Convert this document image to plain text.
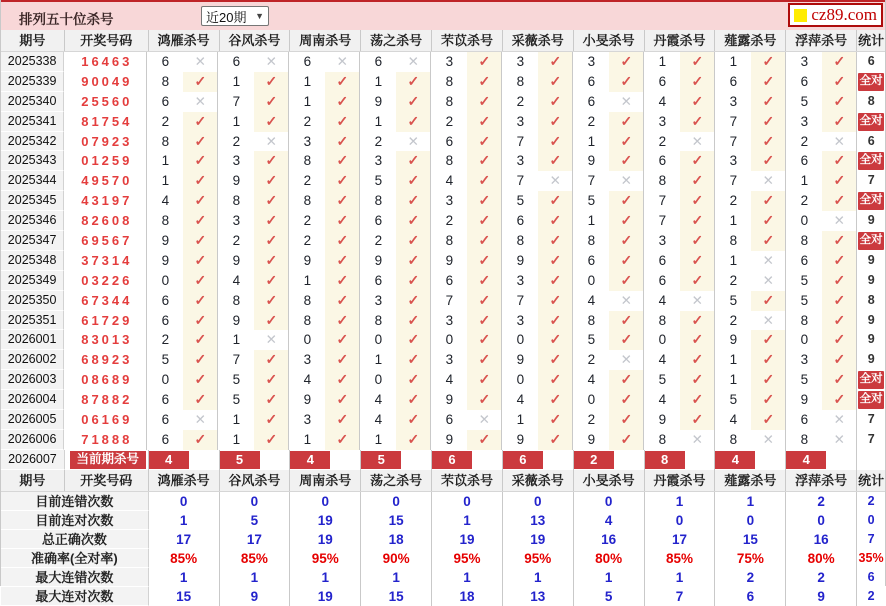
排列五十位杀号	近20期 ▼	cz89.com
期号	开奖号码	鸿雁杀号	谷风杀号	周南杀号	荡之杀号	芣苡杀号	采薇杀号	小旻杀号	丹霞杀号	薤露杀号	浮萍杀号 统计
2025338	16463	6	✕	6	✕	6	✕	6	✕	3	✓	3	✓	3	✓	1	✓	1	✓	3	✓	6
2025339	90049	8	✓	1	✓	1	✓	1	✓	8	✓	8	✓	6	✓	6	✓	6	✓	6	✓	全对
2025340	25560	6	✕	7	✓	1	✓	9	✓	8	✓	2	✓	6	✕	4	✓	3	✓	5	✓	8
2025341	81754	2	✓	1	✓	2	✓	1	✓	2	✓	3	✓	2	✓	3	✓	7	✓	3	✓	全对
2025342	07923	8	✓	2	✕	3	✓	2	✕	6	✓	7	✓	1	✓	2	✕	7	✓	2	✕	6
2025343	01259	1	✓	3	✓	8	✓	3	✓	8	✓	3	✓	9	✓	6	✓	3	✓	6	✓	全对
2025344	49570	1	✓	9	✓	2	✓	5	✓	4	✓	7	✕	7	✕	8	✓	7	✕	1	✓	7
2025345	43197	4	✓	8	✓	8	✓	8	✓	3	✓	5	✓	5	✓	7	✓	2	✓	2	✓	全对
2025346	82608	8	✓	3	✓	2	✓	6	✓	2	✓	6	✓	1	✓	7	✓	1	✓	0	✕	9
2025347	69567	9	✓	2	✓	2	✓	2	✓	8	✓	8	✓	8	✓	3	✓	8	✓	8	✓	全对
2025348	37314	9	✓	9	✓	9	✓	9	✓	9	✓	9	✓	6	✓	6	✓	1	✕	6	✓	9
2025349	03226	0	✓	4	✓	1	✓	6	✓	6	✓	3	✓	0	✓	6	✓	2	✕	5	✓	9
2025350	67344	6	✓	8	✓	8	✓	3	✓	7	✓	7	✓	4	✕	4	✕	5	✓	5	✓	8
2025351	61729	6	✓	9	✓	8	✓	8	✓	3	✓	3	✓	8	✓	8	✓	2	✕	8	✓	9
2026001	83013	2	✓	1	✕	0	✓	0	✓	0	✓	0	✓	5	✓	0	✓	9	✓	0	✓	9
2026002	68923	5	✓	7	✓	3	✓	1	✓	3	✓	9	✓	2	✕	4	✓	1	✓	3	✓	9
2026003	08689	0	✓	5	✓	4	✓	0	✓	4	✓	0	✓	4	✓	5	✓	1	✓	5	✓	全对
2026004	87882	6	✓	5	✓	9	✓	4	✓	9	✓	4	✓	0	✓	4	✓	5	✓	9	✓	全对
2026005	06169	6	✕	1	✓	3	✓	4	✓	6	✕	1	✓	2	✓	9	✓	4	✓	6	✕	7
2026006	71888	6	✓	1	✓	1	✓	1	✓	9	✓	9	✓	9	✓	8	✕	8	✕	8	✕	7
2026007	当前期杀号	4	5	4	5	6	6	2	8	4	4
期号	开奖号码	鸿雁杀号	谷风杀号	周南杀号	荡之杀号	芣苡杀号	采薇杀号	小旻杀号	丹霞杀号	薤露杀号	浮萍杀号 统计
目前连错次数	0	0	0	0	0	0	0	1	1	2	2
目前连对次数	1	5	19	15	1	13	4	0	0	0	0
总正确次数	17	17	19	18	19	19	16	17	15	16	7
准确率(全对率)	85%	85%	95%	90%	95%	95%	80%	85%	75%	80%	35%
最大连错次数	1	1	1	1	1	1	1	1	2	2	6
最大连对次数	15	9	19	15	18	13	5	7	6	9	2
